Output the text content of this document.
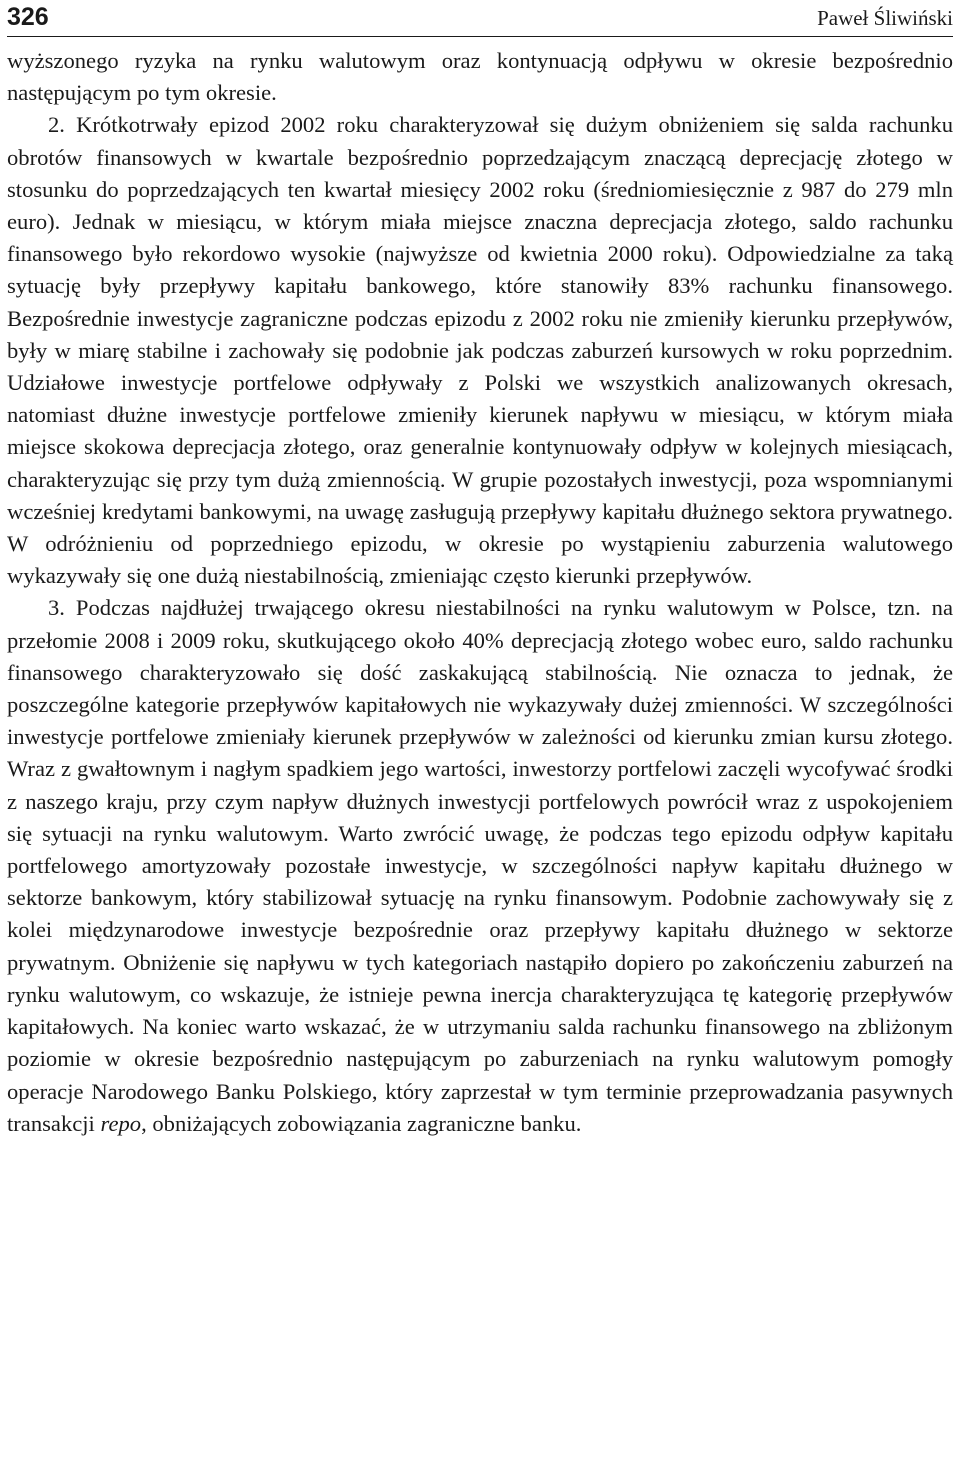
326	Paweł Śliwiński

wyższonego ryzyka na rynku walutowym oraz kontynuacją odpływu w okresie bezpośrednio następującym po tym okresie.

2. Krótkotrwały epizod 2002 roku charakteryzował się dużym obniżeniem się salda rachunku obrotów finansowych w kwartale bezpośrednio poprzedzającym znaczącą deprecjację złotego w stosunku do poprzedzających ten kwartał miesięcy 2002 roku (średniomiesięcznie z 987 do 279 mln euro). Jednak w miesiącu, w którym miała miejsce znaczna deprecjacja złotego, saldo rachunku finansowego było rekordowo wysokie (najwyższe od kwietnia 2000 roku). Odpowiedzialne za taką sytuację były przepływy kapitału bankowego, które stanowiły 83% rachunku finansowego. Bezpośrednie inwestycje zagraniczne podczas epizodu z 2002 roku nie zmieniły kierunku przepływów, były w miarę stabilne i zachowały się podobnie jak podczas zaburzeń kursowych w roku poprzednim. Udziałowe inwestycje portfelowe odpływały z Polski we wszystkich analizowanych okresach, natomiast dłużne inwestycje portfelowe zmieniły kierunek napływu w miesiącu, w którym miała miejsce skokowa deprecjacja złotego, oraz generalnie kontynuowały odpływ w kolejnych miesiącach, charakteryzując się przy tym dużą zmiennością. W grupie pozostałych inwestycji, poza wspomnianymi wcześniej kredytami bankowymi, na uwagę zasługują przepływy kapitału dłużnego sektora prywatnego. W odróżnieniu od poprzedniego epizodu, w okresie po wystąpieniu zaburzenia walutowego wykazywały się one dużą niestabilnością, zmieniając często kierunki przepływów.

3. Podczas najdłużej trwającego okresu niestabilności na rynku walutowym w Polsce, tzn. na przełomie 2008 i 2009 roku, skutkującego około 40% deprecjacją złotego wobec euro, saldo rachunku finansowego charakteryzowało się dość zaskakującą stabilnością. Nie oznacza to jednak, że poszczególne kategorie przepływów kapitałowych nie wykazywały dużej zmienności. W szczególności inwestycje portfelowe zmieniały kierunek przepływów w zależności od kierunku zmian kursu złotego. Wraz z gwałtownym i nagłym spadkiem jego wartości, inwestorzy portfelowi zaczęli wycofywać środki z naszego kraju, przy czym napływ dłużnych inwestycji portfelowych powrócił wraz z uspokojeniem się sytuacji na rynku walutowym. Warto zwrócić uwagę, że podczas tego epizodu odpływ kapitału portfelowego amortyzowały pozostałe inwestycje, w szczególności napływ kapitału dłużnego w sektorze bankowym, który stabilizował sytuację na rynku finansowym. Podobnie zachowywały się z kolei międzynarodowe inwestycje bezpośrednie oraz przepływy kapitału dłużnego w sektorze prywatnym. Obniżenie się napływu w tych kategoriach nastąpiło dopiero po zakończeniu zaburzeń na rynku walutowym, co wskazuje, że istnieje pewna inercja charakteryzująca tę kategorię przepływów kapitałowych. Na koniec warto wskazać, że w utrzymaniu salda rachunku finansowego na zbliżonym poziomie w okresie bezpośrednio następującym po zaburzeniach na rynku walutowym pomogły operacje Narodowego Banku Polskiego, który zaprzestał w tym terminie przeprowadzania pasywnych transakcji repo, obniżających zobowiązania zagraniczne banku.
